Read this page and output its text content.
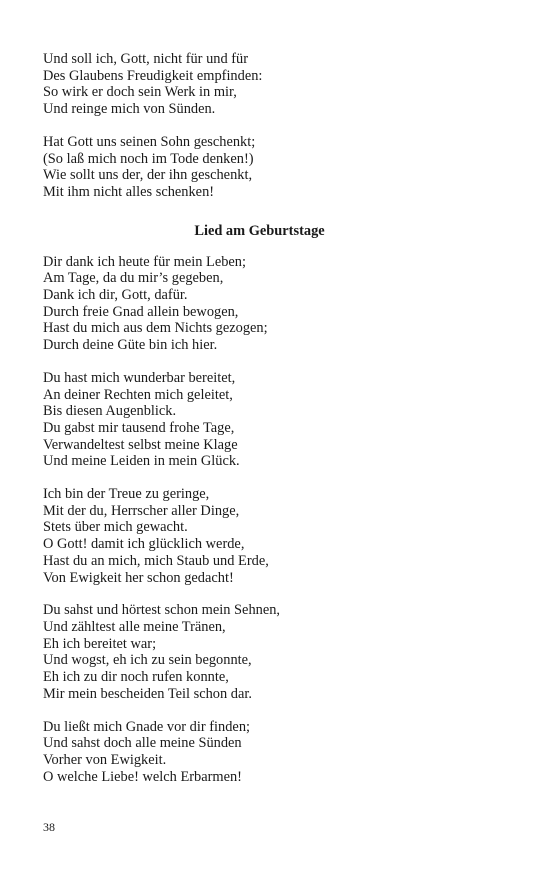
Und soll ich, Gott, nicht für und für
Des Glaubens Freudigkeit empfinden:
So wirk er doch sein Werk in mir,
Und reinge mich von Sünden.
Hat Gott uns seinen Sohn geschenkt;
(So laß mich noch im Tode denken!)
Wie sollt uns der, der ihn geschenkt,
Mit ihm nicht alles schenken!
Lied am Geburtstage
Dir dank ich heute für mein Leben;
Am Tage, da du mir’s gegeben,
Dank ich dir, Gott, dafür.
Durch freie Gnad allein bewogen,
Hast du mich aus dem Nichts gezogen;
Durch deine Güte bin ich hier.
Du hast mich wunderbar bereitet,
An deiner Rechten mich geleitet,
Bis diesen Augenblick.
Du gabst mir tausend frohe Tage,
Verwandeltest selbst meine Klage
Und meine Leiden in mein Glück.
Ich bin der Treue zu geringe,
Mit der du, Herrscher aller Dinge,
Stets über mich gewacht.
O Gott! damit ich glücklich werde,
Hast du an mich, mich Staub und Erde,
Von Ewigkeit her schon gedacht!
Du sahst und hörtest schon mein Sehnen,
Und zähltest alle meine Tränen,
Eh ich bereitet war;
Und wogst, eh ich zu sein begonnte,
Eh ich zu dir noch rufen konnte,
Mir mein bescheiden Teil schon dar.
Du ließt mich Gnade vor dir finden;
Und sahst doch alle meine Sünden
Vorher von Ewigkeit.
O welche Liebe! welch Erbarmen!
38
